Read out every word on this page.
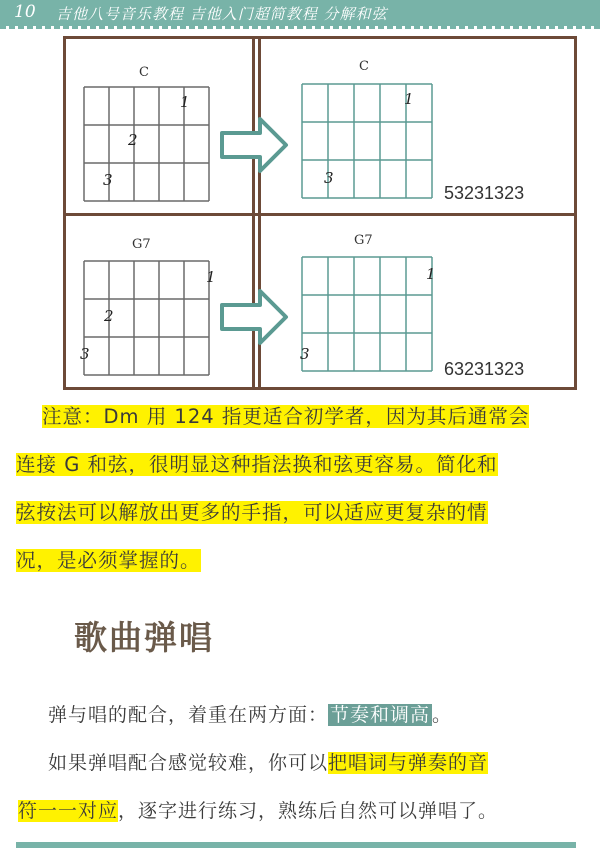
10 吉他八号音乐教程 吉他入门超简教程 分解和弦
C
1
2
3
C
1
3
53231323
G7
1
2
3
G7
1
3
63231323
注意：Dm 用 124 指更适合初学者，因为其后通常会
连接 G 和弦，很明显这种指法换和弦更容易。简化和
弦按法可以解放出更多的手指，可以适应更复杂的情
况，是必须掌握的。
歌曲弹唱
弹与唱的配合，着重在两方面： 节奏和调高 。
如果弹唱配合感觉较难，你可以把唱词与弹奏的音
符一一对应，逐字进行练习，熟练后自然可以弹唱了。
